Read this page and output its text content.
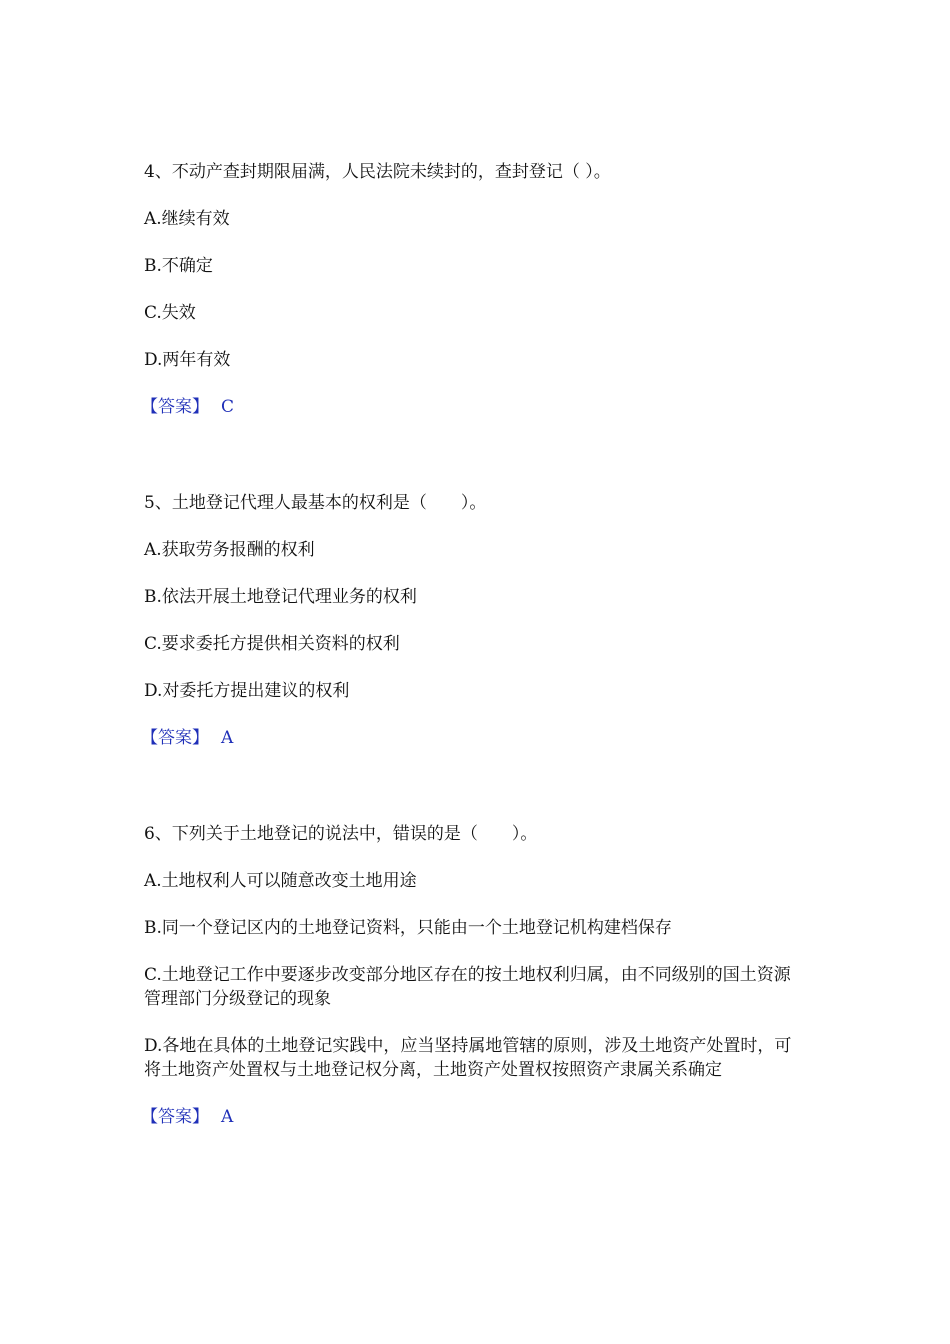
4、不动产查封期限届满，人民法院未续封的，查封登记（ ）。

A.继续有效

B.不确定

C.失效

D.两年有效

【答案】 C

5、土地登记代理人最基本的权利是（　　）。

A.获取劳务报酬的权利

B.依法开展土地登记代理业务的权利

C.要求委托方提供相关资料的权利

D.对委托方提出建议的权利

【答案】 A

6、下列关于土地登记的说法中，错误的是（　　）。

A.土地权利人可以随意改变土地用途

B.同一个登记区内的土地登记资料，只能由一个土地登记机构建档保存

C.土地登记工作中要逐步改变部分地区存在的按土地权利归属，由不同级别的国土资源管理部门分级登记的现象

D.各地在具体的土地登记实践中，应当坚持属地管辖的原则，涉及土地资产处置时，可将土地资产处置权与土地登记权分离，土地资产处置权按照资产隶属关系确定

【答案】 A
